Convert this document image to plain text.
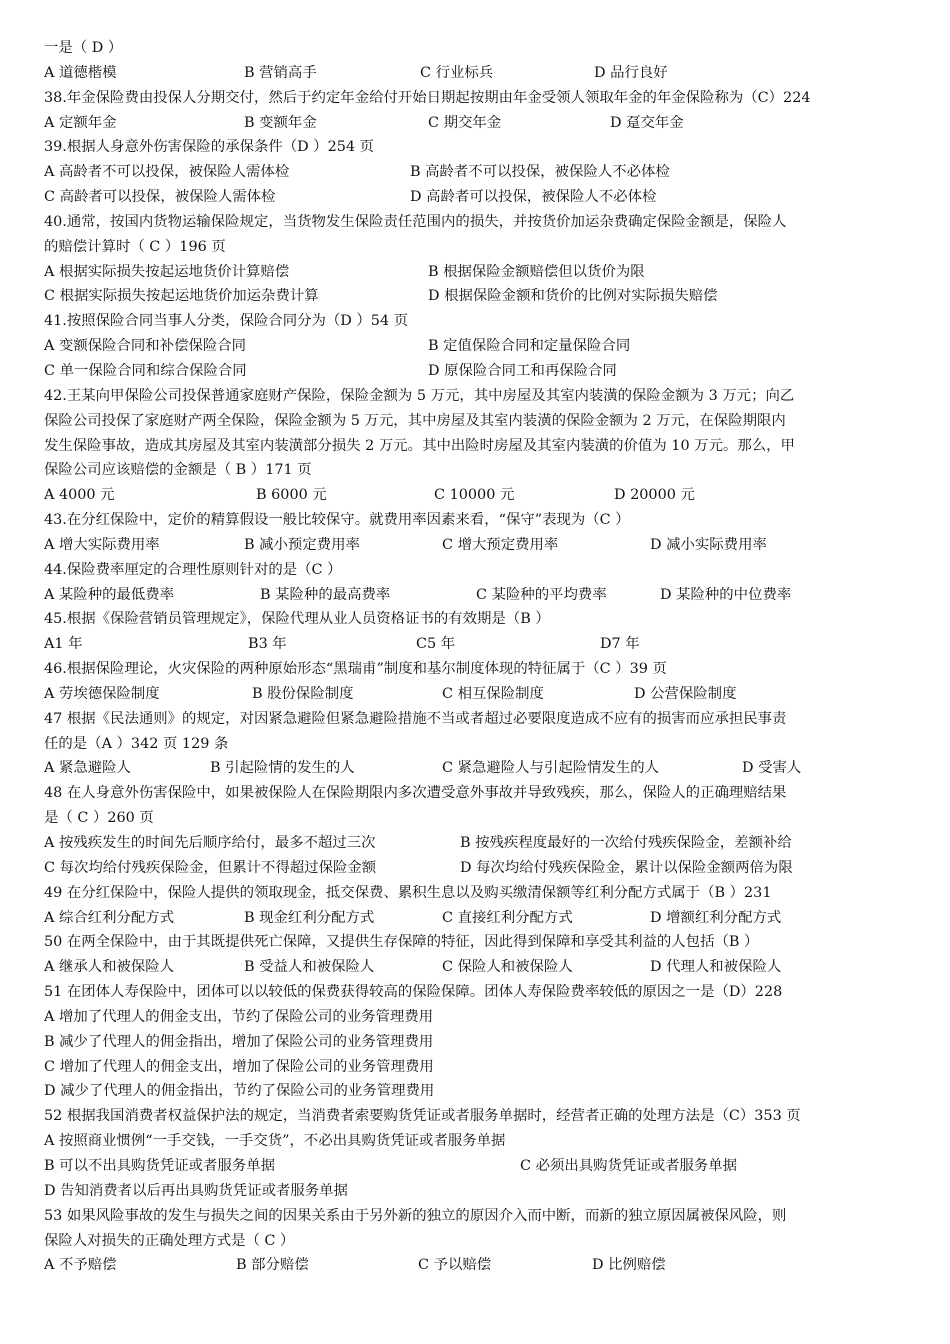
一是（ D ）
A 道德楷模	B 营销高手	C 行业标兵	D 品行良好
38.年金保险费由投保人分期交付，然后于约定年金给付开始日期起按期由年金受领人领取年金的年金保险称为（C）224
A 定额年金	B 变额年金	C 期交年金	D 趸交年金
39.根据人身意外伤害保险的承保条件（D ）254 页
A 高龄者不可以投保，被保险人需体检	B 高龄者不可以投保，被保险人不必体检
C 高龄者可以投保，被保险人需体检	D 高龄者可以投保，被保险人不必体检
40.通常，按国内货物运输保险规定，当货物发生保险责任范围内的损失，并按货价加运杂费确定保险金额是，保险人
的赔偿计算时（ C ）196 页
A 根据实际损失按起运地货价计算赔偿	B 根据保险金额赔偿但以货价为限
C 根据实际损失按起运地货价加运杂费计算	D 根据保险金额和货价的比例对实际损失赔偿
41.按照保险合同当事人分类，保险合同分为（D ）54 页
A 变额保险合同和补偿保险合同	B 定值保险合同和定量保险合同
C 单一保险合同和综合保险合同	D 原保险合同工和再保险合同
42.王某向甲保险公司投保普通家庭财产保险，保险金额为 5 万元，其中房屋及其室内装潢的保险金额为 3 万元；向乙
保险公司投保了家庭财产两全保险，保险金额为 5 万元，其中房屋及其室内装潢的保险金额为 2 万元，在保险期限内
发生保险事故，造成其房屋及其室内装潢部分损失 2 万元。其中出险时房屋及其室内装潢的价值为 10 万元。那么，甲
保险公司应该赔偿的金额是（ B ）171 页
A 4000 元	B 6000 元	C 10000 元	D 20000 元
43.在分红保险中，定价的精算假设一般比较保守。就费用率因素来看，“保守”表现为（C ）
A 增大实际费用率	B 减小预定费用率	C 增大预定费用率	D 减小实际费用率
44.保险费率厘定的合理性原则针对的是（C ）
A 某险种的最低费率	B 某险种的最高费率	C 某险种的平均费率	D 某险种的中位费率
45.根据《保险营销员管理规定》，保险代理从业人员资格证书的有效期是（B ）
A1 年	B3 年	C5 年	D7 年
46.根据保险理论，火灾保险的两种原始形态“黑瑞甫”制度和基尔制度体现的特征属于（C ）39 页
A 劳埃德保险制度	B 股份保险制度	C 相互保险制度	D 公营保险制度
47 根据《民法通则》的规定，对因紧急避险但紧急避险措施不当或者超过必要限度造成不应有的损害而应承担民事责
任的是（A ）342 页 129 条
A 紧急避险人	B 引起险情的发生的人	C 紧急避险人与引起险情发生的人	D 受害人
48 在人身意外伤害保险中，如果被保险人在保险期限内多次遭受意外事故并导致残疾，那么，保险人的正确理赔结果
是（ C ）260 页
A 按残疾发生的时间先后顺序给付，最多不超过三次	B 按残疾程度最好的一次给付残疾保险金，差额补给
C 每次均给付残疾保险金，但累计不得超过保险金额	D 每次均给付残疾保险金，累计以保险金额两倍为限
49 在分红保险中，保险人提供的领取现金，抵交保费、累积生息以及购买缴清保额等红利分配方式属于（B ）231
A 综合红利分配方式	B 现金红利分配方式	C 直接红利分配方式	D 增额红利分配方式
50 在两全保险中，由于其既提供死亡保障，又提供生存保障的特征，因此得到保障和享受其利益的人包括（B ）
A 继承人和被保险人	B 受益人和被保险人	C 保险人和被保险人	D 代理人和被保险人
51 在团体人寿保险中，团体可以以较低的保费获得较高的保险保障。团体人寿保险费率较低的原因之一是（D）228
A 增加了代理人的佣金支出，节约了保险公司的业务管理费用
B 减少了代理人的佣金指出，增加了保险公司的业务管理费用
C 增加了代理人的佣金支出，增加了保险公司的业务管理费用
D 减少了代理人的佣金指出，节约了保险公司的业务管理费用
52 根据我国消费者权益保护法的规定，当消费者索要购货凭证或者服务单据时，经营者正确的处理方法是（C）353 页
A 按照商业惯例“一手交钱，一手交货”，不必出具购货凭证或者服务单据
B 可以不出具购货凭证或者服务单据	C 必须出具购货凭证或者服务单据
D 告知消费者以后再出具购货凭证或者服务单据
53 如果风险事故的发生与损失之间的因果关系由于另外新的独立的原因介入而中断，而新的独立原因属被保风险，则
保险人对损失的正确处理方式是（ C ）
A 不予赔偿	B 部分赔偿	C 予以赔偿	D 比例赔偿
